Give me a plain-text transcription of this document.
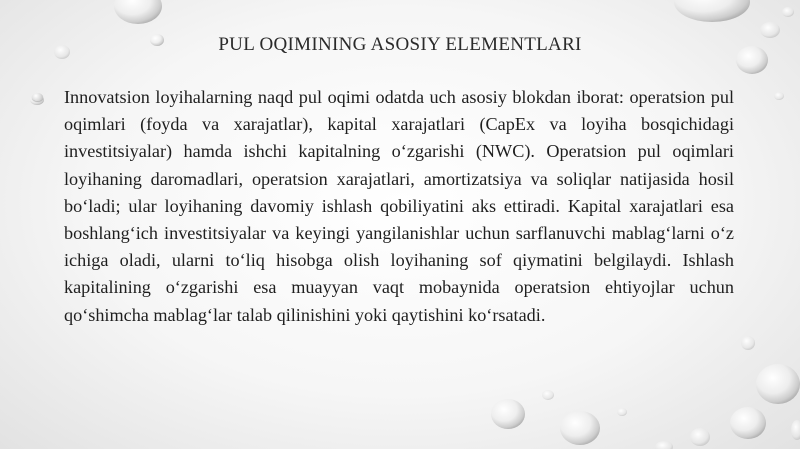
PUL OQIMINING ASOSIY ELEMENTLARI

Innovatsion loyihalarning naqd pul oqimi odatda uch asosiy blokdan iborat: operatsion pul oqimlari (foyda va xarajatlar), kapital xarajatlari (CapEx va loyiha bosqichidagi investitsiyalar) hamda ishchi kapitalning o‘zgarishi (NWC). Operatsion pul oqimlari loyihaning daromadlari, operatsion xarajatlari, amortizatsiya va soliqlar natijasida hosil bo‘ladi; ular loyihaning davomiy ishlash qobiliyatini aks ettiradi. Kapital xarajatlari esa boshlang‘ich investitsiyalar va keyingi yangilanishlar uchun sarflanuvchi mablag‘larni o‘z ichiga oladi, ularni to‘liq hisobga olish loyihaning sof qiymatini belgilaydi. Ishlash kapitalining o‘zgarishi esa muayyan vaqt mobaynida operatsion ehtiyojlar uchun qo‘shimcha mablag‘lar talab qilinishini yoki qaytishini ko‘rsatadi.
